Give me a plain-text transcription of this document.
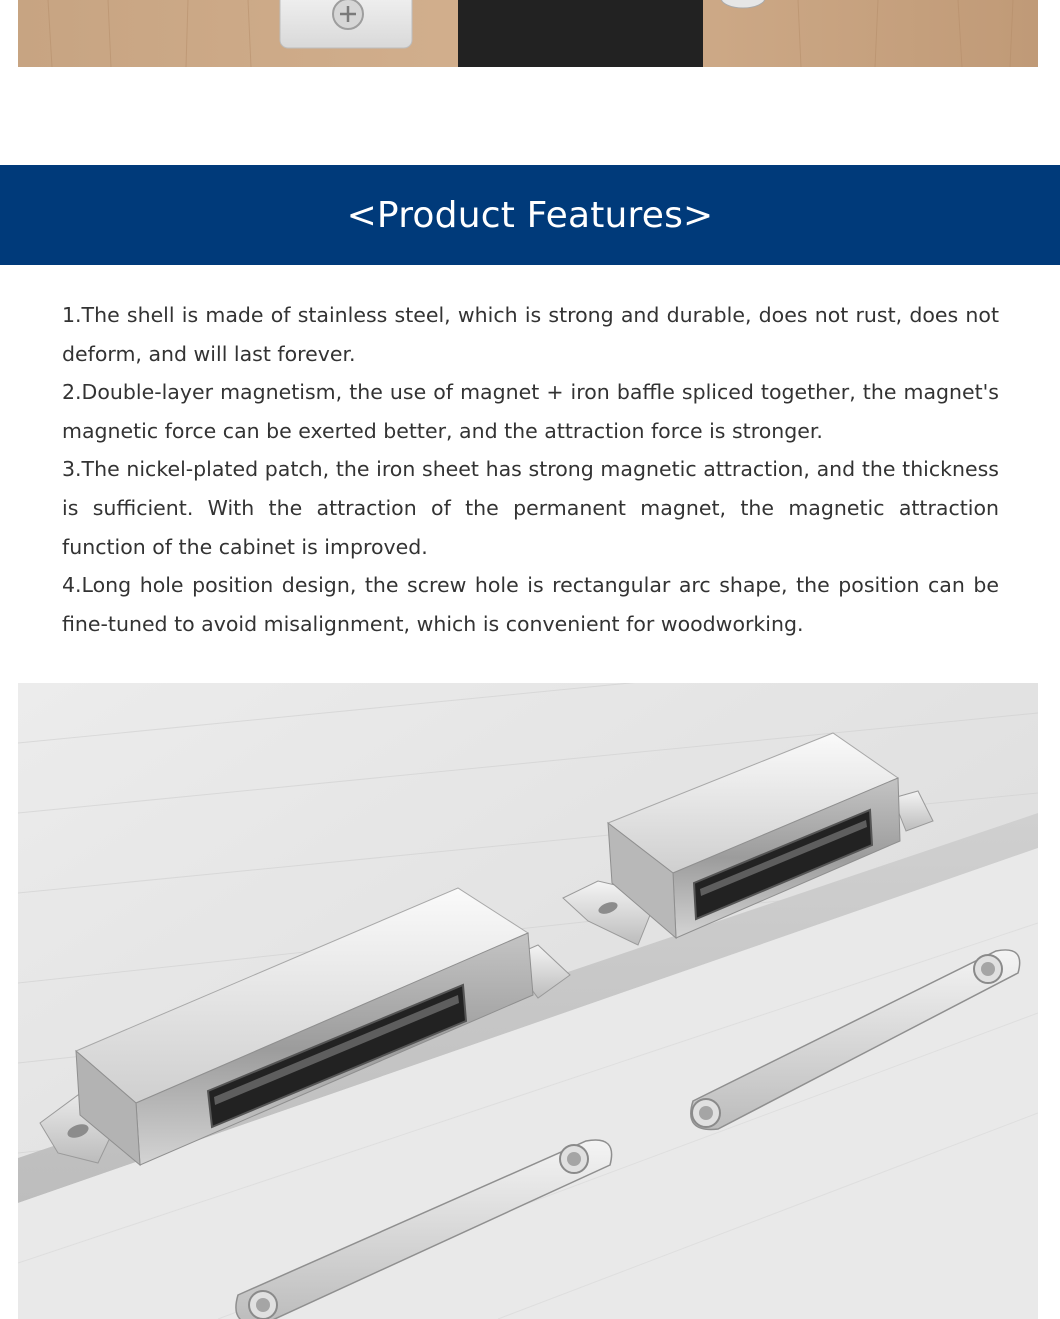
<Product Features>
1.The shell is made of stainless steel, which is strong and durable, does not rust, does not deform, and will last forever.
2.Double-layer magnetism, the use of magnet + iron baffle spliced together, the magnet's magnetic force can be exerted better, and the attraction force is stronger.
3.The nickel-plated patch, the iron sheet has strong magnetic attraction, and the thickness is sufficient. With the attraction of the permanent magnet, the magnetic attraction function of the cabinet is improved.
4.Long hole position design, the screw hole is rectangular arc shape, the position can be fine-tuned to avoid misalignment, which is convenient for woodworking.
